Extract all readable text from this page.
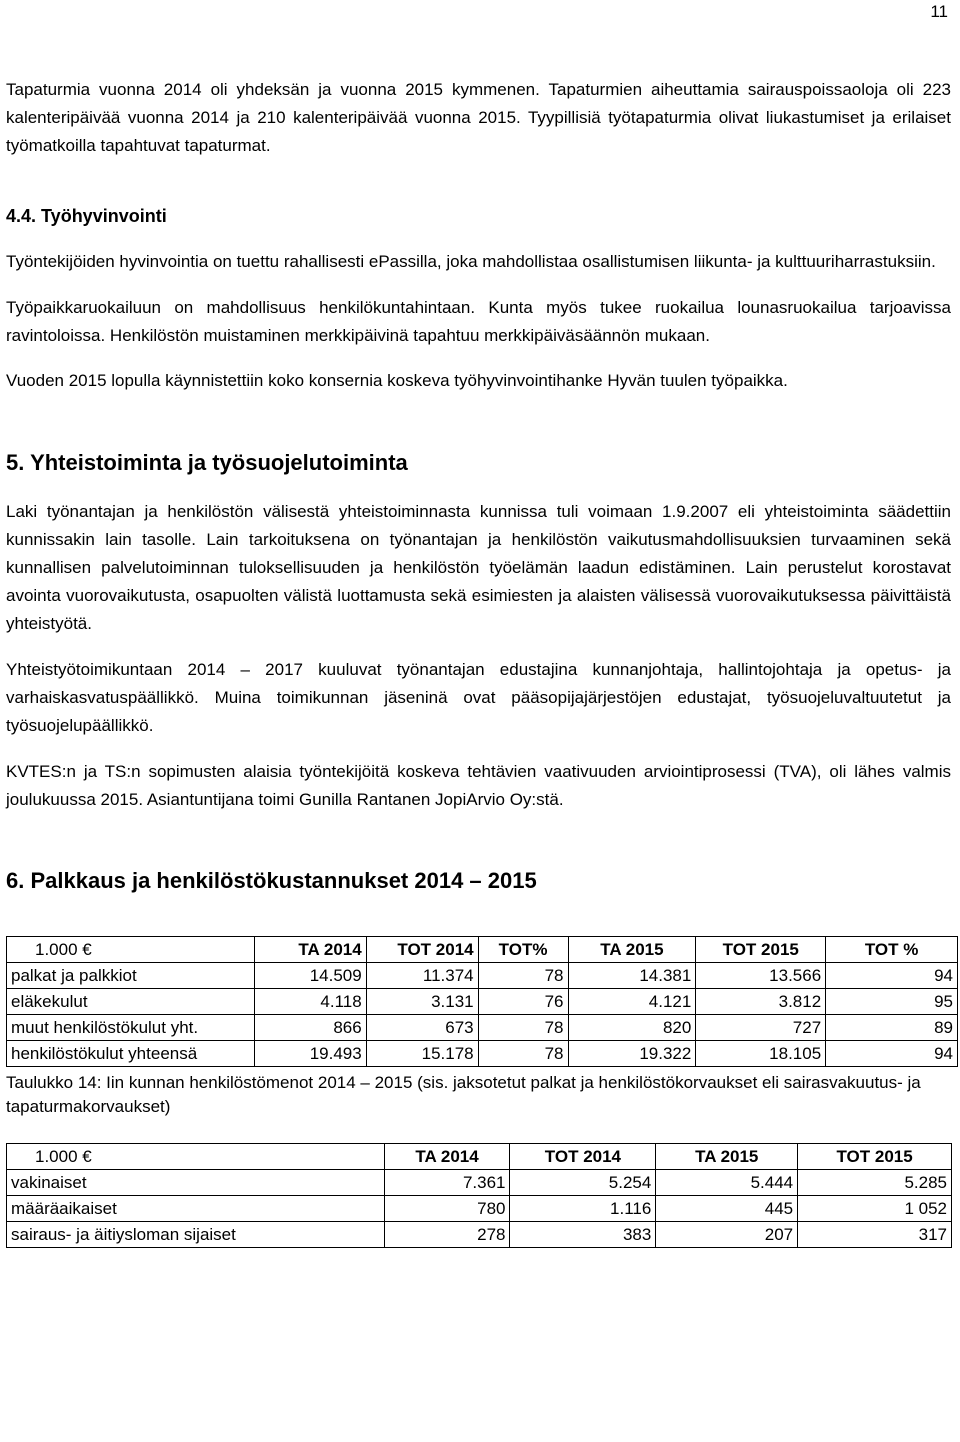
11

Tapaturmia vuonna 2014 oli yhdeksän ja vuonna 2015 kymmenen. Tapaturmien aiheuttamia sairauspoissaoloja oli 223 kalenteripäivää vuonna 2014 ja 210 kalenteripäivää vuonna 2015. Tyypillisiä työtapaturmia olivat liukastumiset ja erilaiset työmatkoilla tapahtuvat tapaturmat.

4.4. Työhyvinvointi

Työntekijöiden hyvinvointia on tuettu rahallisesti ePassilla, joka mahdollistaa osallistumisen liikunta- ja kulttuuriharrastuksiin.

Työpaikkaruokailuun on mahdollisuus henkilökuntahintaan. Kunta myös tukee ruokailua lounasruokailua tarjoavissa ravintoloissa. Henkilöstön muistaminen merkkipäivinä tapahtuu merkkipäiväsäännön mukaan.

Vuoden 2015 lopulla käynnistettiin koko konsernia koskeva työhyvinvointihanke Hyvän tuulen työpaikka.

5. Yhteistoiminta ja työsuojelutoiminta

Laki työnantajan ja henkilöstön välisestä yhteistoiminnasta kunnissa tuli voimaan 1.9.2007 eli yhteistoiminta säädettiin kunnissakin lain tasolle. Lain tarkoituksena on työnantajan ja henkilöstön vaikutusmahdollisuuksien turvaaminen sekä kunnallisen palvelutoiminnan tuloksellisuuden ja henkilöstön työelämän laadun edistäminen. Lain perustelut korostavat avointa vuorovaikutusta, osapuolten välistä luottamusta sekä esimiesten ja alaisten välisessä vuorovaikutuksessa päivittäistä yhteistyötä.

Yhteistyötoimikuntaan 2014 – 2017 kuuluvat työnantajan edustajina kunnanjohtaja, hallintojohtaja ja opetus- ja varhaiskasvatuspäällikkö. Muina toimikunnan jäseninä ovat pääsopijajärjestöjen edustajat, työsuojeluvaltuutetut ja työsuojelupäällikkö.

KVTES:n ja TS:n sopimusten alaisia työntekijöitä koskeva tehtävien vaativuuden arviointiprosessi (TVA), oli lähes valmis joulukuussa 2015. Asiantuntijana toimi Gunilla Rantanen JopiArvio Oy:stä.

6. Palkkaus ja henkilöstökustannukset 2014 – 2015
1.000 €	TA 2014	TOT 2014	TOT%	TA 2015	TOT 2015	TOT %
palkat ja palkkiot	14.509	11.374	78	14.381	13.566	94
eläkekulut	4.118	3.131	76	4.121	3.812	95
muut henkilöstökulut yht.	866	673	78	820	727	89
henkilöstökulut yhteensä	19.493	15.178	78	19.322	18.105	94
Taulukko 14: Iin kunnan henkilöstömenot 2014 – 2015 (sis. jaksotetut palkat ja henkilöstökorvaukset eli sairasvakuutus- ja tapaturmakorvaukset)
1.000 €	TA 2014	TOT 2014	TA 2015	TOT 2015
vakinaiset	7.361	5.254	5.444	5.285
määräaikaiset	780	1.116	445	1 052
sairaus- ja äitiysloman sijaiset	278	383	207	317
